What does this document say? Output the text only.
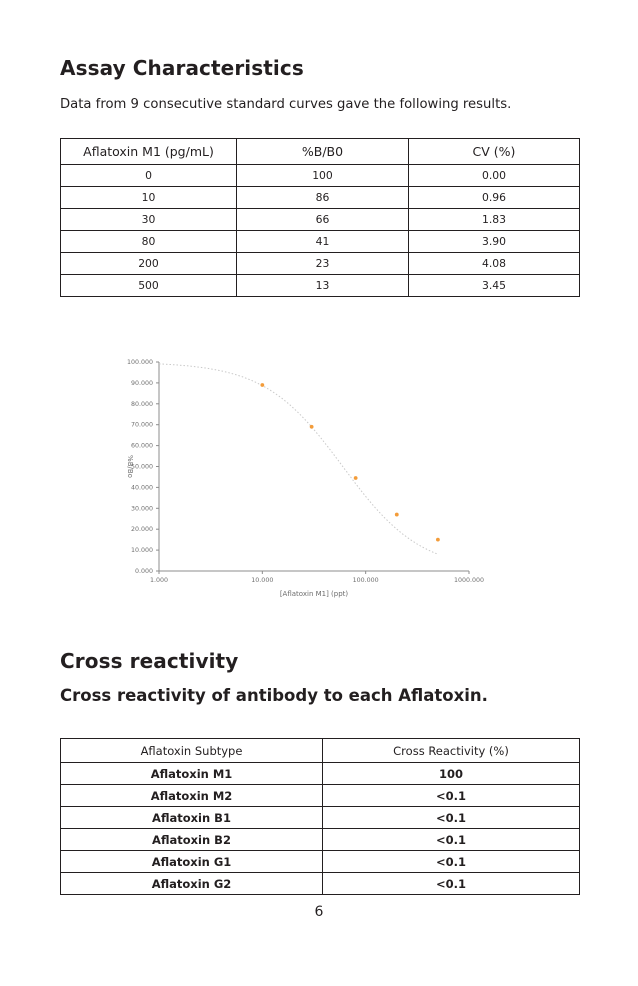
Assay Characteristics

Data from 9 consecutive standard curves gave the following results.

Aflatoxin M1 (pg/mL)	%B/B0	CV (%)
0	100	0.00
10	86	0.96
30	66	1.83
80	41	3.90
200	23	4.08
500	13	3.45
0.000
10.000
20.000
30.000
40.000
50.000
60.000
70.000
80.000
90.000
100.000
1.000	10.000	100.000	1000.000
[Aflatoxin M1] (ppt)
%B/Bo
Cross reactivity
Cross reactivity of antibody to each Aflatoxin.
Aflatoxin Subtype	Cross Reactivity (%)
Aflatoxin M1	100
Aflatoxin M2	<0.1
Aflatoxin B1	<0.1
Aflatoxin B2	<0.1
Aflatoxin G1	<0.1
Aflatoxin G2	<0.1

6
